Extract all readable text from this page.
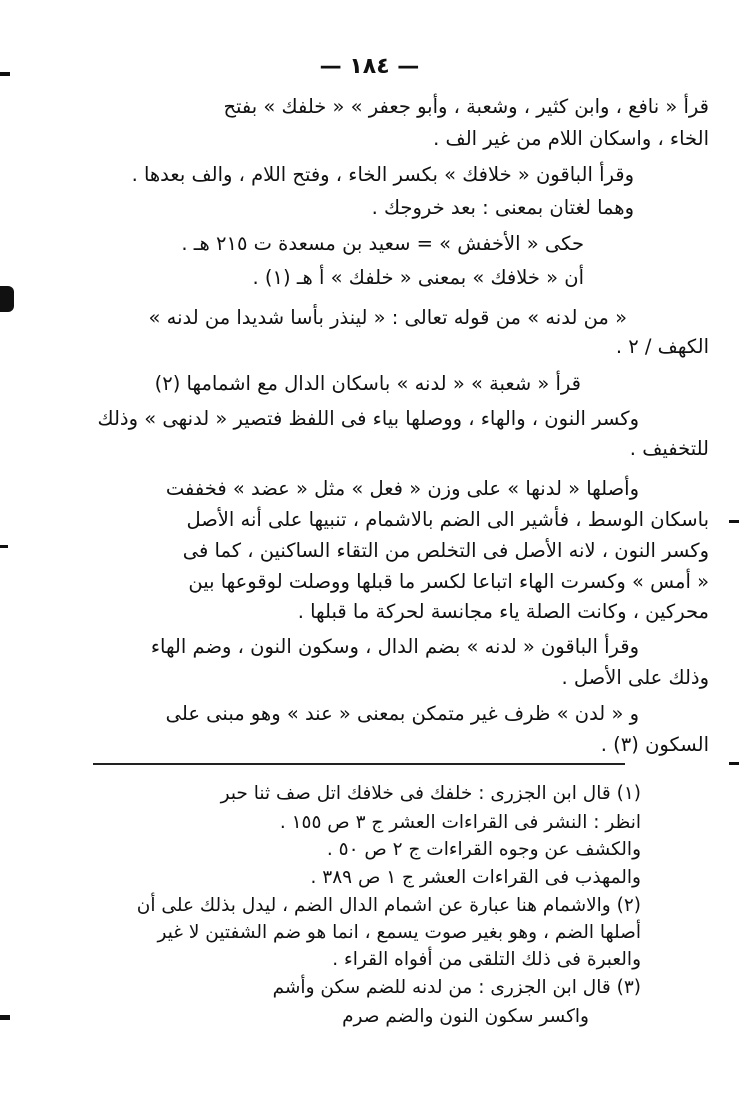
— ١٨٤ —
قرأ « نافع ، وابن كثير ، وشعبة ، وأبو جعفر » « خلفك » بفتح
الخاء ، واسكان اللام من غير الف .
وقرأ الباقون « خلافك » بكسر الخاء ، وفتح اللام ، والف بعدها .
وهما لغتان بمعنى : بعد خروجك .
حكى « الأخفش » = سعيد بن مسعدة ت ٢١٥ هـ .
أن « خلافك » بمعنى « خلفك » أ هـ (١) .
« من لدنه » من قوله تعالى : « لينذر بأسا شديدا من لدنه »
الكهف / ٢ .
قرأ « شعبة » « لدنه » باسكان الدال مع اشمامها (٢)
وكسر النون ، والهاء ، ووصلها بياء فى اللفظ فتصير « لدنهى » وذلك
للتخفيف .
وأصلها « لدنها » على وزن « فعل » مثل « عضد » فخففت
باسكان الوسط ، فأشير الى الضم بالاشمام ، تنبيها على أنه الأصل
وكسر النون ، لانه الأصل فى التخلص من التقاء الساكنين ، كما فى
« أمس » وكسرت الهاء اتباعا لكسر ما قبلها ووصلت لوقوعها بين
محركين ، وكانت الصلة ياء مجانسة لحركة ما قبلها .
وقرأ الباقون « لدنه » بضم الدال ، وسكون النون ، وضم الهاء
وذلك على الأصل .
و « لدن » ظرف غير متمكن بمعنى « عند » وهو مبنى على
السكون (٣) .
(١) قال ابن الجزرى : خلفك فى خلافك اتل صف ثنا حبر
انظر : النشر فى القراءات العشر ج ٣ ص ١٥٥ .
والكشف عن وجوه القراءات ج ٢ ص ٥٠ .
والمهذب فى القراءات العشر ج ١ ص ٣٨٩ .
(٢) والاشمام هنا عبارة عن اشمام الدال الضم ، ليدل بذلك على أن
أصلها الضم ، وهو بغير صوت يسمع ، انما هو ضم الشفتين لا غير
والعبرة فى ذلك التلقى من أفواه القراء .
(٣) قال ابن الجزرى : من لدنه للضم سكن وأشم
واكسر سكون النون والضم صرم
